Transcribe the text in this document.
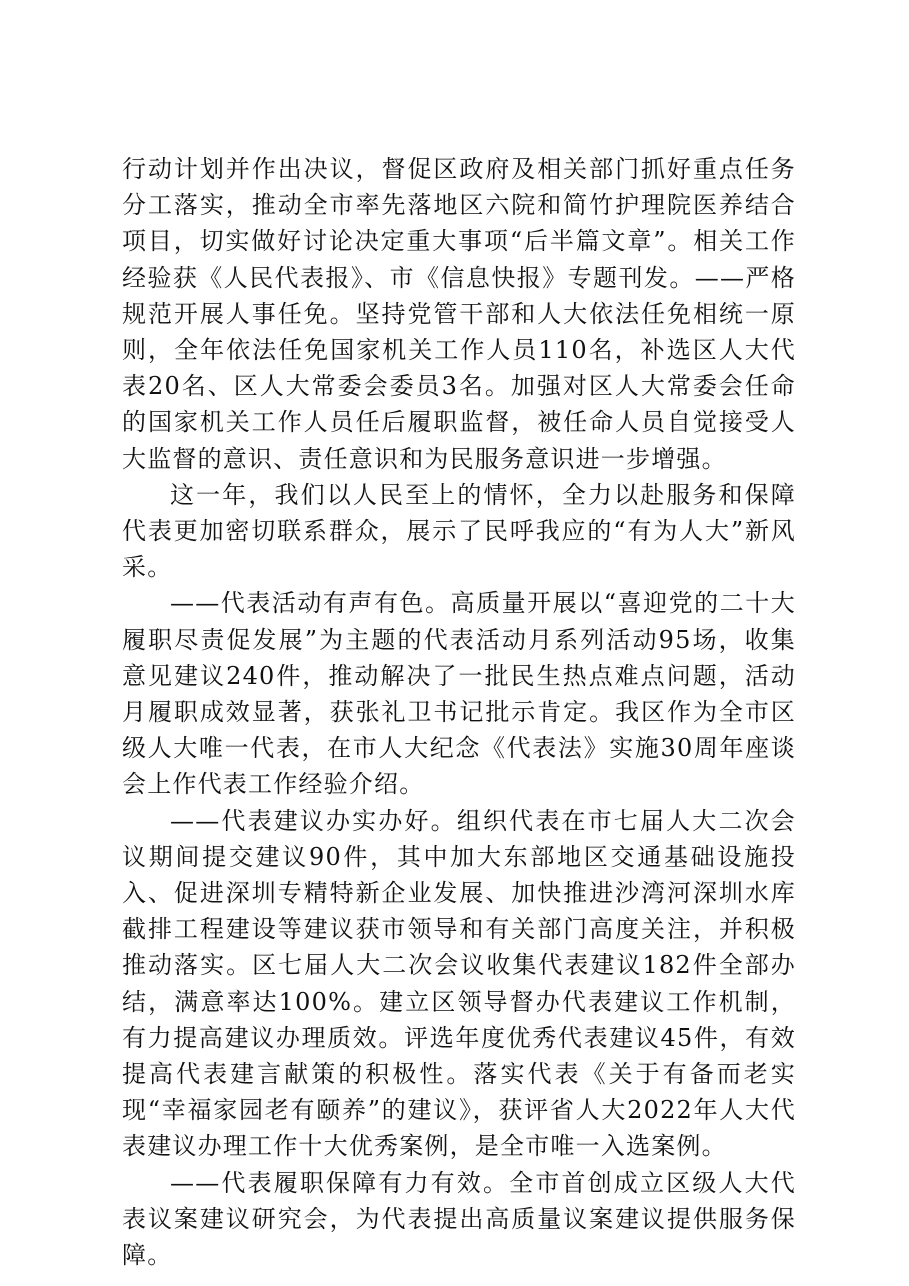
行动计划并作出决议，督促区政府及相关部门抓好重点任务分工落实，推动全市率先落地区六院和简竹护理院医养结合项目，切实做好讨论决定重大事项“后半篇文章”。相关工作经验获《人民代表报》、市《信息快报》专题刊发。——严格规范开展人事任免。坚持党管干部和人大依法任免相统一原则，全年依法任免国家机关工作人员110名，补选区人大代表20名、区人大常委会委员3名。加强对区人大常委会任命的国家机关工作人员任后履职监督，被任命人员自觉接受人大监督的意识、责任意识和为民服务意识进一步增强。

这一年，我们以人民至上的情怀，全力以赴服务和保障代表更加密切联系群众，展示了民呼我应的“有为人大”新风采。

——代表活动有声有色。高质量开展以“喜迎党的二十大履职尽责促发展”为主题的代表活动月系列活动95场，收集意见建议240件，推动解决了一批民生热点难点问题，活动月履职成效显著，获张礼卫书记批示肯定。我区作为全市区级人大唯一代表，在市人大纪念《代表法》实施30周年座谈会上作代表工作经验介绍。

——代表建议办实办好。组织代表在市七届人大二次会议期间提交建议90件，其中加大东部地区交通基础设施投入、促进深圳专精特新企业发展、加快推进沙湾河深圳水库截排工程建设等建议获市领导和有关部门高度关注，并积极推动落实。区七届人大二次会议收集代表建议182件全部办结，满意率达100%。建立区领导督办代表建议工作机制，有力提高建议办理质效。评选年度优秀代表建议45件，有效提高代表建言献策的积极性。落实代表《关于有备而老实现“幸福家园老有颐养”的建议》，获评省人大2022年人大代表建议办理工作十大优秀案例，是全市唯一入选案例。

——代表履职保障有力有效。全市首创成立区级人大代表议案建议研究会，为代表提出高质量议案建议提供服务保障。
